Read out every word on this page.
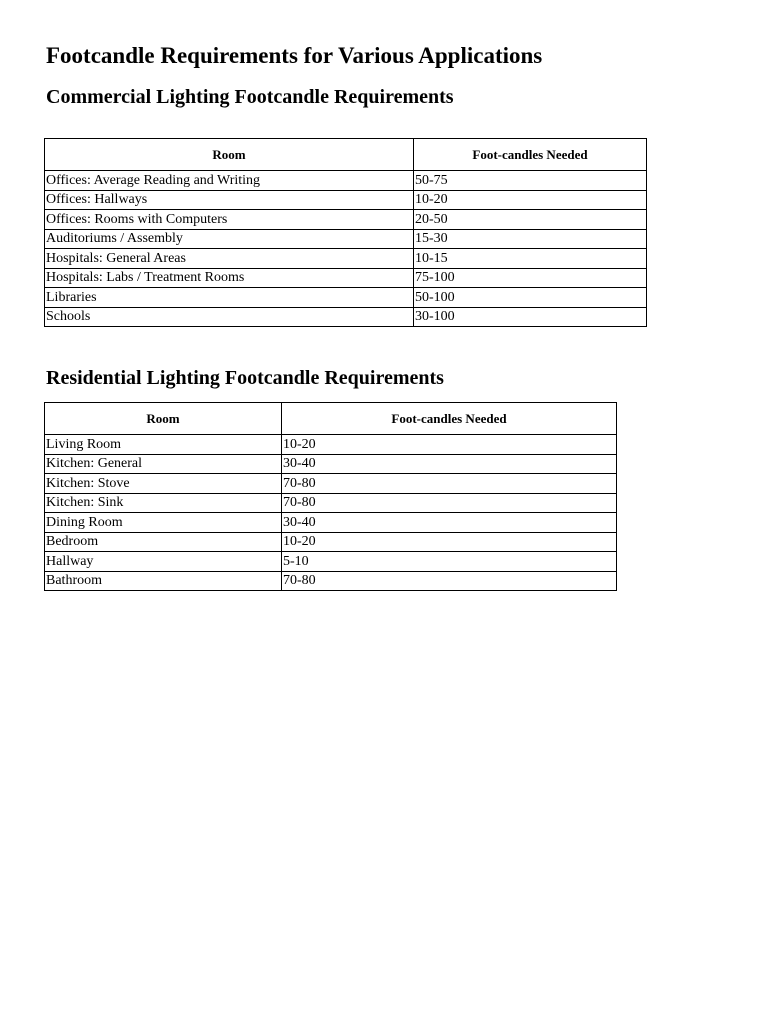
Footcandle Requirements for Various Applications
Commercial Lighting Footcandle Requirements
Room	Foot-candles Needed
Offices: Average Reading and Writing	50-75
Offices: Hallways	10-20
Offices: Rooms with Computers	20-50
Auditoriums / Assembly	15-30
Hospitals: General Areas	10-15
Hospitals: Labs / Treatment Rooms	75-100
Libraries	50-100
Schools	30-100
Residential Lighting Footcandle Requirements
Room	Foot-candles Needed
Living Room	10-20
Kitchen: General	30-40
Kitchen: Stove	70-80
Kitchen: Sink	70-80
Dining Room	30-40
Bedroom	10-20
Hallway	5-10
Bathroom	70-80
